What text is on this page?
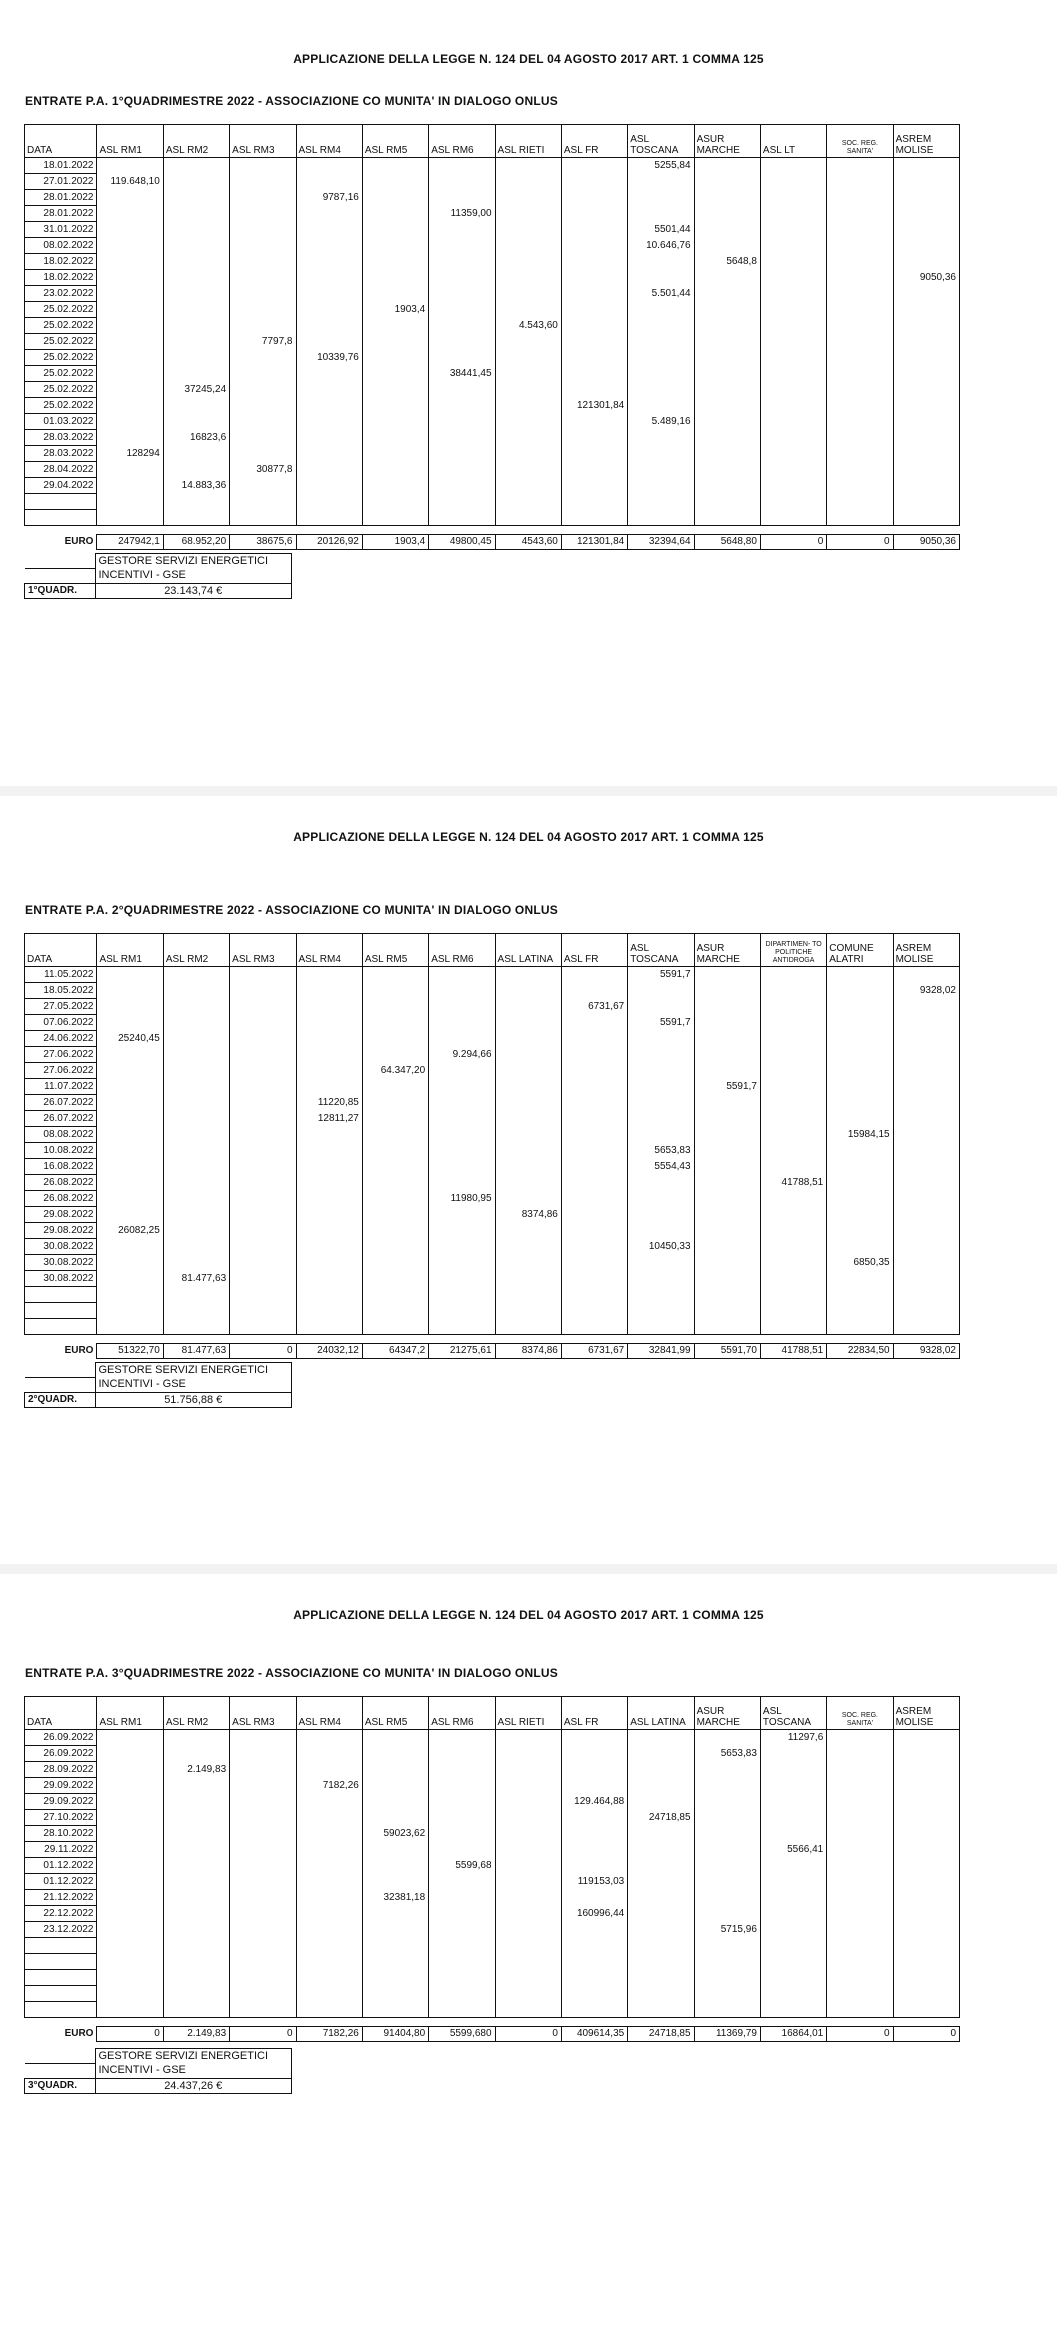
APPLICAZIONE DELLA LEGGE N. 124 DEL 04 AGOSTO 2017 ART. 1 COMMA 125
ENTRATE P.A. 1°QUADRIMESTRE 2022 - ASSOCIAZIONE CO MUNITA' IN DIALOGO ONLUS
DATA	ASL RM1	ASL RM2	ASL RM3	ASL RM4	ASL RM5	ASL RM6	ASL RIETI	ASL FR	ASL TOSCANA	ASUR MARCHE	ASL LT	SOC. REG. SANITA'	ASREM MOLISE
18.01.2022									5255,84				
27.01.2022	119.648,10												
28.01.2022				9787,16									
28.01.2022						11359,00							
31.01.2022									5501,44				
08.02.2022									10.646,76				
18.02.2022										5648,8			
18.02.2022													9050,36
23.02.2022									5.501,44				
25.02.2022					1903,4								
25.02.2022							4.543,60						
25.02.2022			7797,8										
25.02.2022				10339,76									
25.02.2022						38441,45							
25.02.2022		37245,24											
25.02.2022								121301,84					
01.03.2022									5.489,16				
28.03.2022		16823,6											
28.03.2022	128294												
28.04.2022			30877,8										
29.04.2022		14.883,36											

EURO	247942,1	68.952,20	38675,6	20126,92	1903,4	49800,45	4543,60	121301,84	32394,64	5648,80	0	0	9050,36
	GESTORE SERVIZI ENERGETICI
	INCENTIVI - GSE
1°QUADR.	23.143,74 €
APPLICAZIONE DELLA LEGGE N. 124 DEL 04 AGOSTO 2017 ART. 1 COMMA 125
ENTRATE P.A. 2°QUADRIMESTRE 2022 - ASSOCIAZIONE CO MUNITA' IN DIALOGO ONLUS
DATA	ASL RM1	ASL RM2	ASL RM3	ASL RM4	ASL RM5	ASL RM6	ASL LATINA	ASL FR	ASL TOSCANA	ASUR MARCHE	DIPARTIMEN- TO POLITICHE ANTIDROGA	COMUNE ALATRI	ASREM MOLISE
11.05.2022									5591,7				
18.05.2022													9328,02
27.05.2022								6731,67					
07.06.2022									5591,7				
24.06.2022	25240,45												
27.06.2022						9.294,66							
27.06.2022					64.347,20								
11.07.2022										5591,7			
26.07.2022				11220,85									
26.07.2022				12811,27									
08.08.2022												15984,15	
10.08.2022									5653,83				
16.08.2022									5554,43				
26.08.2022											41788,51		
26.08.2022						11980,95							
29.08.2022							8374,86						
29.08.2022	26082,25												
30.08.2022									10450,33				
30.08.2022												6850,35	
30.08.2022		81.477,63											

EURO	51322,70	81.477,63	0	24032,12	64347,2	21275,61	8374,86	6731,67	32841,99	5591,70	41788,51	22834,50	9328,02
	GESTORE SERVIZI ENERGETICI
	INCENTIVI - GSE
2°QUADR.	51.756,88 €
APPLICAZIONE DELLA LEGGE N. 124 DEL 04 AGOSTO 2017 ART. 1 COMMA 125
ENTRATE P.A. 3°QUADRIMESTRE 2022 - ASSOCIAZIONE CO MUNITA' IN DIALOGO ONLUS
DATA	ASL RM1	ASL RM2	ASL RM3	ASL RM4	ASL RM5	ASL RM6	ASL RIETI	ASL FR	ASL LATINA	ASUR MARCHE	ASL TOSCANA	SOC. REG. SANITA'	ASREM MOLISE
26.09.2022											11297,6		
26.09.2022										5653,83			
28.09.2022		2.149,83											
29.09.2022				7182,26									
29.09.2022								129.464,88					
27.10.2022									24718,85				
28.10.2022					59023,62								
29.11.2022											5566,41		
01.12.2022						5599,68							
01.12.2022								119153,03					
21.12.2022					32381,18								
22.12.2022								160996,44					
23.12.2022										5715,96			

EURO	0	2.149,83	0	7182,26	91404,80	5599,680	0	409614,35	24718,85	11369,79	16864,01	0	0
	GESTORE SERVIZI ENERGETICI
	INCENTIVI - GSE
3°QUADR.	24.437,26 €
